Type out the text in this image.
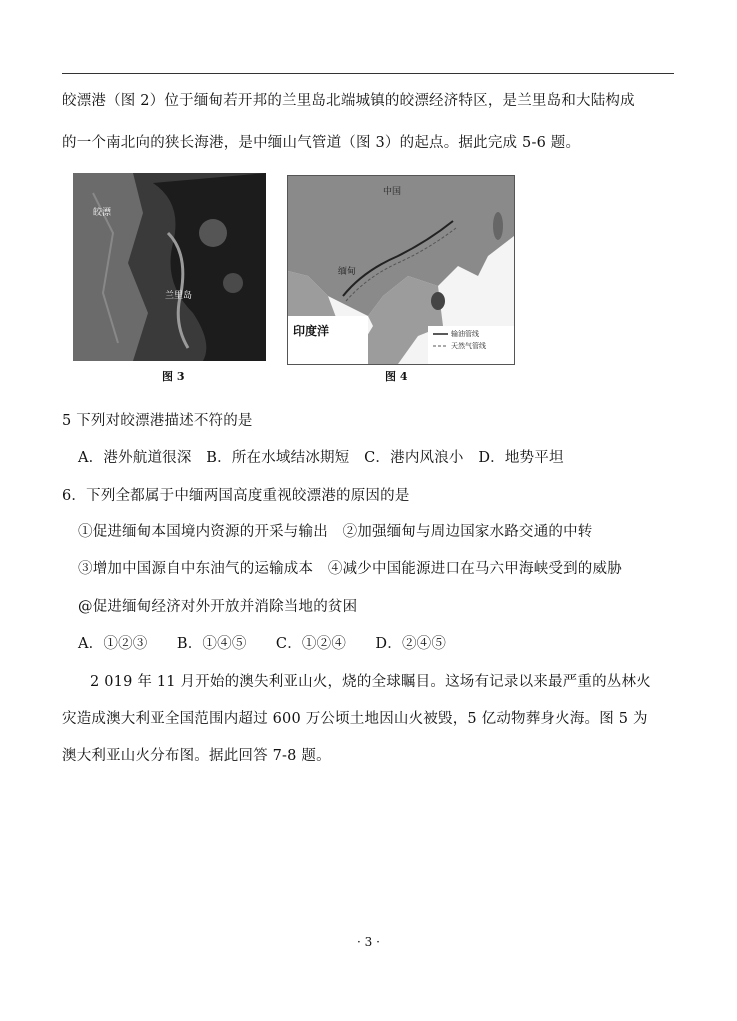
皎漂港（图 2）位于缅甸若开邦的兰里岛北端城镇的皎漂经济特区，是兰里岛和大陆构成
的一个南北向的狭长海港，是中缅山气管道（图 3）的起点。据此完成 5-6 题。
皎漂
兰里岛
图 3
中国
缅甸
印度洋	输油管线
天然气管线
图 4
5 下列对皎漂港描述不符的是
A．港外航道很深　B．所在水域结冰期短　C．港内风浪小　D．地势平坦
6．下列全都属于中缅两国高度重视皎漂港的原因的是
①促进缅甸本国境内资源的开采与输出　②加强缅甸与周边国家水路交通的中转
③增加中国源自中东油气的运输成本　④减少中国能源进口在马六甲海峡受到的威胁
@促进缅甸经济对外开放并消除当地的贫困
A．①②③　　B．①④⑤　　C．①②④　　D．②④⑤
2 019 年 11 月开始的澳失利亚山火，烧的全球瞩目。这场有记录以来最严重的丛林火
灾造成澳大利亚全国范围内超过 600 万公顷土地因山火被毁，5 亿动物葬身火海。图 5 为
澳大利亚山火分布图。据此回答 7-8 题。
· 3 ·
